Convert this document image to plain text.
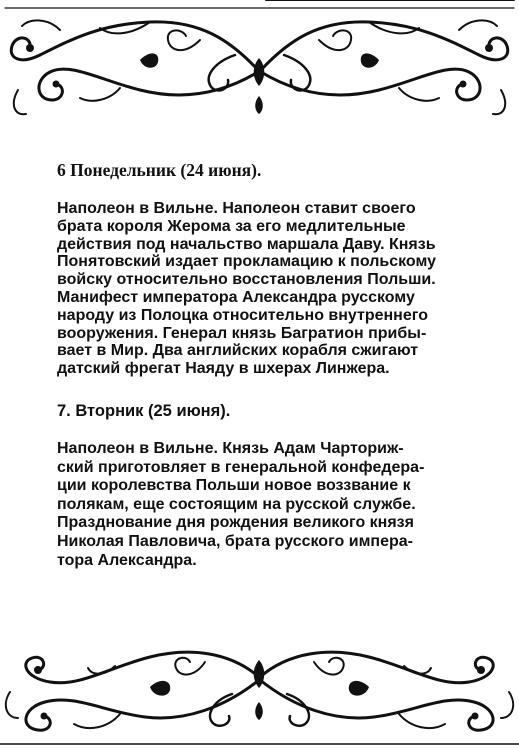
6 Понедельник (24 июня).
Наполеон в Вильне. Наполеон ставит своего
брата короля Жерома за его медлительные
действия под начальство маршала Даву. Князь
Понятовский издает прокламацию к польскому
войску относительно восстановления Польши.
Манифест императора Александра русскому
народу из Полоцка относительно внутреннего
вооружения. Генерал князь Багратион прибы-
вает в Мир. Два английских корабля сжигают
датский фрегат Наяду в шхерах Линжера.
7. Вторник (25 июня).
Наполеон в Вильне. Князь Адам Чарториж-
ский приготовляет в генеральной конфедера-
ции королевства Польши новое воззвание к
полякам, еще состоящим на русской службе.
Празднование дня рождения великого князя
Николая Павловича, брата русского импера-
тора Александра.
